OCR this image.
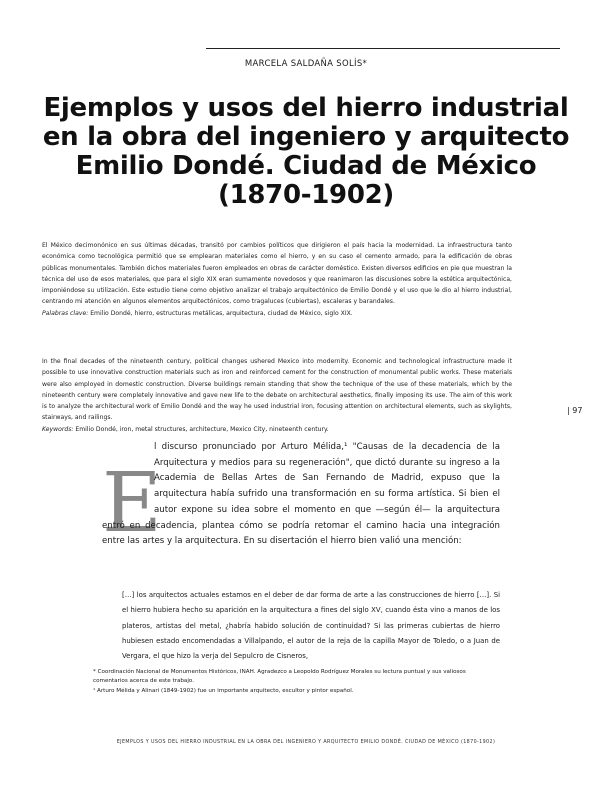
MARCELA SALDAÑA SOLÍS*
Ejemplos y usos del hierro industrial en la obra del ingeniero y arquitecto Emilio Dondé. Ciudad de México (1870-1902)
El México decimonónico en sus últimas décadas, transitó por cambios políticos que dirigieron el país hacia la modernidad. La infraestructura tanto económica como tecnológica permitió que se emplearan materiales como el hierro, y en su caso el cemento armado, para la edificación de obras públicas monumentales. También dichos materiales fueron empleados en obras de carácter doméstico. Existen diversos edificios en pie que muestran la técnica del uso de esos materiales, que para el siglo XIX eran sumamente novedosos y que reanimaron las discusiones sobre la estética arquitectónica, imponiéndose su utilización. Este estudio tiene como objetivo analizar el trabajo arquitectónico de Emilio Dondé y el uso que le dio al hierro industrial, centrando mi atención en algunos elementos arquitectónicos, como tragaluces (cubiertas), escaleras y barandales.
Palabras clave: Emilio Dondé, hierro, estructuras metálicas, arquitectura, ciudad de México, siglo XIX.
In the final decades of the nineteenth century, political changes ushered Mexico into modernity. Economic and technological infrastructure made it possible to use innovative construction materials such as iron and reinforced cement for the construction of monumental public works. These materials were also employed in domestic construction. Diverse buildings remain standing that show the technique of the use of these materials, which by the nineteenth century were completely innovative and gave new life to the debate on architectural aesthetics, finally imposing its use. The aim of this work is to analyze the architectural work of Emilio Dondé and the way he used industrial iron, focusing attention on architectural elements, such as skylights, stairways, and railings.
Keywords: Emilio Dondé, iron, metal structures, architecture, Mexico City, nineteenth century.
| 97
E
l discurso pronunciado por Arturo Mélida,¹ "Causas de la decadencia de la Arquitectura y medios para su regeneración", que dictó durante su ingreso a la Academia de Bellas Artes de San Fernando de Madrid, expuso que la arquitectura había sufrido una transformación en su forma artística. Si bien el autor expone su idea sobre el momento en que —según él— la arquitectura entró en decadencia, plantea cómo se podría retomar el camino hacia una integración entre las artes y la arquitectura. En su disertación el hierro bien valió una mención:
[…] los arquitectos actuales estamos en el deber de dar forma de arte a las construcciones de hierro […]. Si el hierro hubiera hecho su aparición en la arquitectura a fines del siglo XV, cuando ésta vino a manos de los plateros, artistas del metal, ¿habría habido solución de continuidad? Si las primeras cubiertas de hierro hubiesen estado encomendadas a Villalpando, el autor de la reja de la capilla Mayor de Toledo, o a Juan de Vergara, el que hizo la verja del Sepulcro de Cisneros,
* Coordinación Nacional de Monumentos Históricos, INAH. Agradezco a Leopoldo Rodríguez Morales su lectura puntual y sus valiosos comentarios acerca de este trabajo.
¹ Arturo Mélida y Alinari (1849-1902) fue un importante arquitecto, escultor y pintor español.
EJEMPLOS Y USOS DEL HIERRO INDUSTRIAL EN LA OBRA DEL INGENIERO Y ARQUITECTO EMILIO DONDÉ. CIUDAD DE MÉXICO (1870-1902)
